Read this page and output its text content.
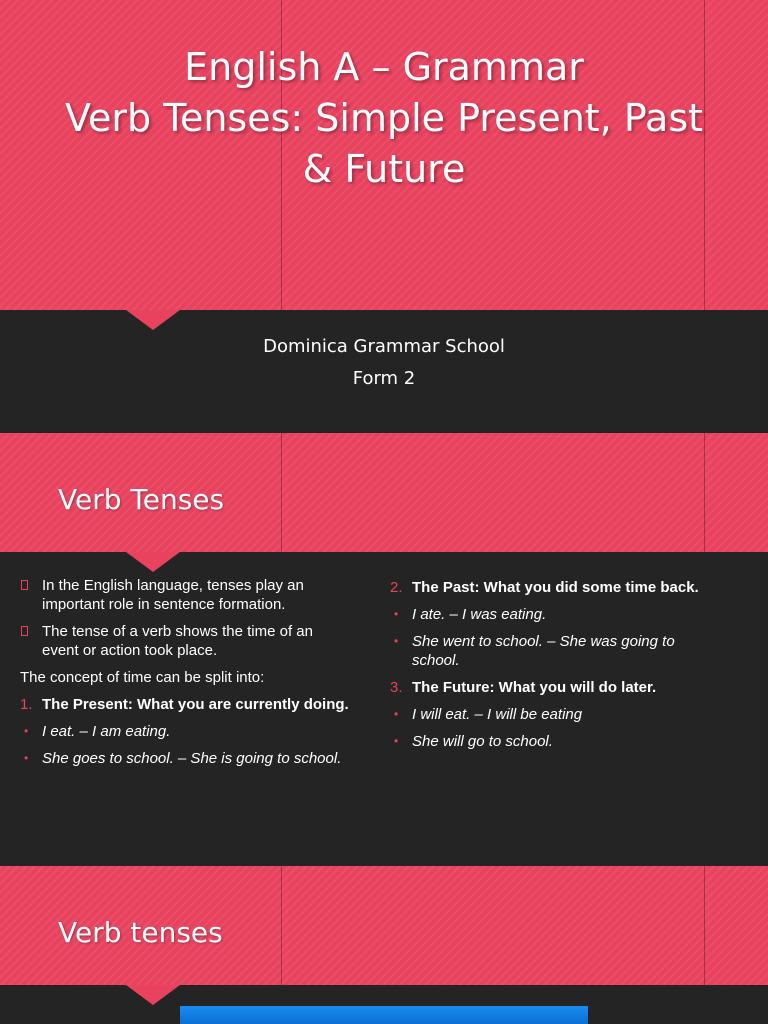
English A – Grammar
Verb Tenses: Simple Present, Past
& Future
Dominica Grammar School
Form 2
Verb Tenses
In the English language, tenses play an important role in sentence formation.
The tense of a verb shows the time of an event or action took place.
The concept of time can be split into:
1. The Present: What you are currently doing.
• I eat. – I am eating.
• She goes to school. – She is going to school.
2. The Past: What you did some time back.
• I ate. – I was eating.
• She went to school. – She was going to school.
3. The Future: What you will do later.
• I will eat. – I will be eating
• She will go to school.
Verb tenses
